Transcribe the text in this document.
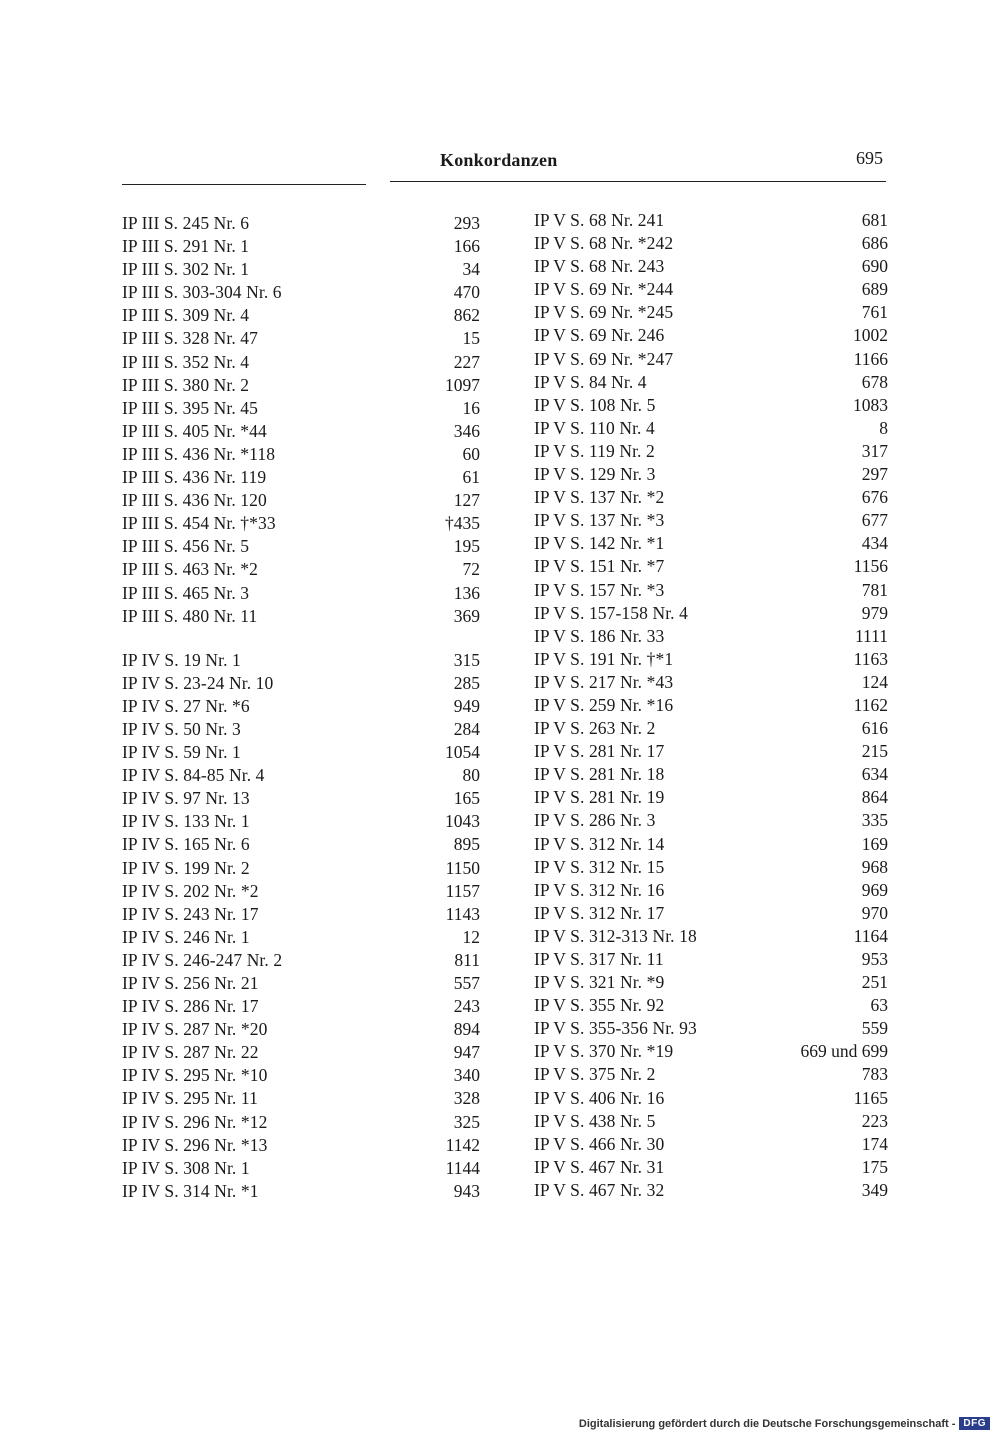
Konkordanzen	695
IP III S. 245 Nr. 6	293
IP III S. 291 Nr. 1	166
IP III S. 302 Nr. 1	34
IP III S. 303-304 Nr. 6	470
IP III S. 309 Nr. 4	862
IP III S. 328 Nr. 47	15
IP III S. 352 Nr. 4	227
IP III S. 380 Nr. 2	1097
IP III S. 395 Nr. 45	16
IP III S. 405 Nr. *44	346
IP III S. 436 Nr. *118	60
IP III S. 436 Nr. 119	61
IP III S. 436 Nr. 120	127
IP III S. 454 Nr. †*33	†435
IP III S. 456 Nr. 5	195
IP III S. 463 Nr. *2	72
IP III S. 465 Nr. 3	136
IP III S. 480 Nr. 11	369
IP IV S. 19 Nr. 1	315
IP IV S. 23-24 Nr. 10	285
IP IV S. 27 Nr. *6	949
IP IV S. 50 Nr. 3	284
IP IV S. 59 Nr. 1	1054
IP IV S. 84-85 Nr. 4	80
IP IV S. 97 Nr. 13	165
IP IV S. 133 Nr. 1	1043
IP IV S. 165 Nr. 6	895
IP IV S. 199 Nr. 2	1150
IP IV S. 202 Nr. *2	1157
IP IV S. 243 Nr. 17	1143
IP IV S. 246 Nr. 1	12
IP IV S. 246-247 Nr. 2	811
IP IV S. 256 Nr. 21	557
IP IV S. 286 Nr. 17	243
IP IV S. 287 Nr. *20	894
IP IV S. 287 Nr. 22	947
IP IV S. 295 Nr. *10	340
IP IV S. 295 Nr. 11	328
IP IV S. 296 Nr. *12	325
IP IV S. 296 Nr. *13	1142
IP IV S. 308 Nr. 1	1144
IP IV S. 314 Nr. *1	943
IP V S. 68 Nr. 241	681
IP V S. 68 Nr. *242	686
IP V S. 68 Nr. 243	690
IP V S. 69 Nr. *244	689
IP V S. 69 Nr. *245	761
IP V S. 69 Nr. 246	1002
IP V S. 69 Nr. *247	1166
IP V S. 84 Nr. 4	678
IP V S. 108 Nr. 5	1083
IP V S. 110 Nr. 4	8
IP V S. 119 Nr. 2	317
IP V S. 129 Nr. 3	297
IP V S. 137 Nr. *2	676
IP V S. 137 Nr. *3	677
IP V S. 142 Nr. *1	434
IP V S. 151 Nr. *7	1156
IP V S. 157 Nr. *3	781
IP V S. 157-158 Nr. 4	979
IP V S. 186 Nr. 33	1111
IP V S. 191 Nr. †*1	1163
IP V S. 217 Nr. *43	124
IP V S. 259 Nr. *16	1162
IP V S. 263 Nr. 2	616
IP V S. 281 Nr. 17	215
IP V S. 281 Nr. 18	634
IP V S. 281 Nr. 19	864
IP V S. 286 Nr. 3	335
IP V S. 312 Nr. 14	169
IP V S. 312 Nr. 15	968
IP V S. 312 Nr. 16	969
IP V S. 312 Nr. 17	970
IP V S. 312-313 Nr. 18	1164
IP V S. 317 Nr. 11	953
IP V S. 321 Nr. *9	251
IP V S. 355 Nr. 92	63
IP V S. 355-356 Nr. 93	559
IP V S. 370 Nr. *19	669 und 699
IP V S. 375 Nr. 2	783
IP V S. 406 Nr. 16	1165
IP V S. 438 Nr. 5	223
IP V S. 466 Nr. 30	174
IP V S. 467 Nr. 31	175
IP V S. 467 Nr. 32	349
Digitalisierung gefördert durch die Deutsche Forschungsgemeinschaft - DFG
